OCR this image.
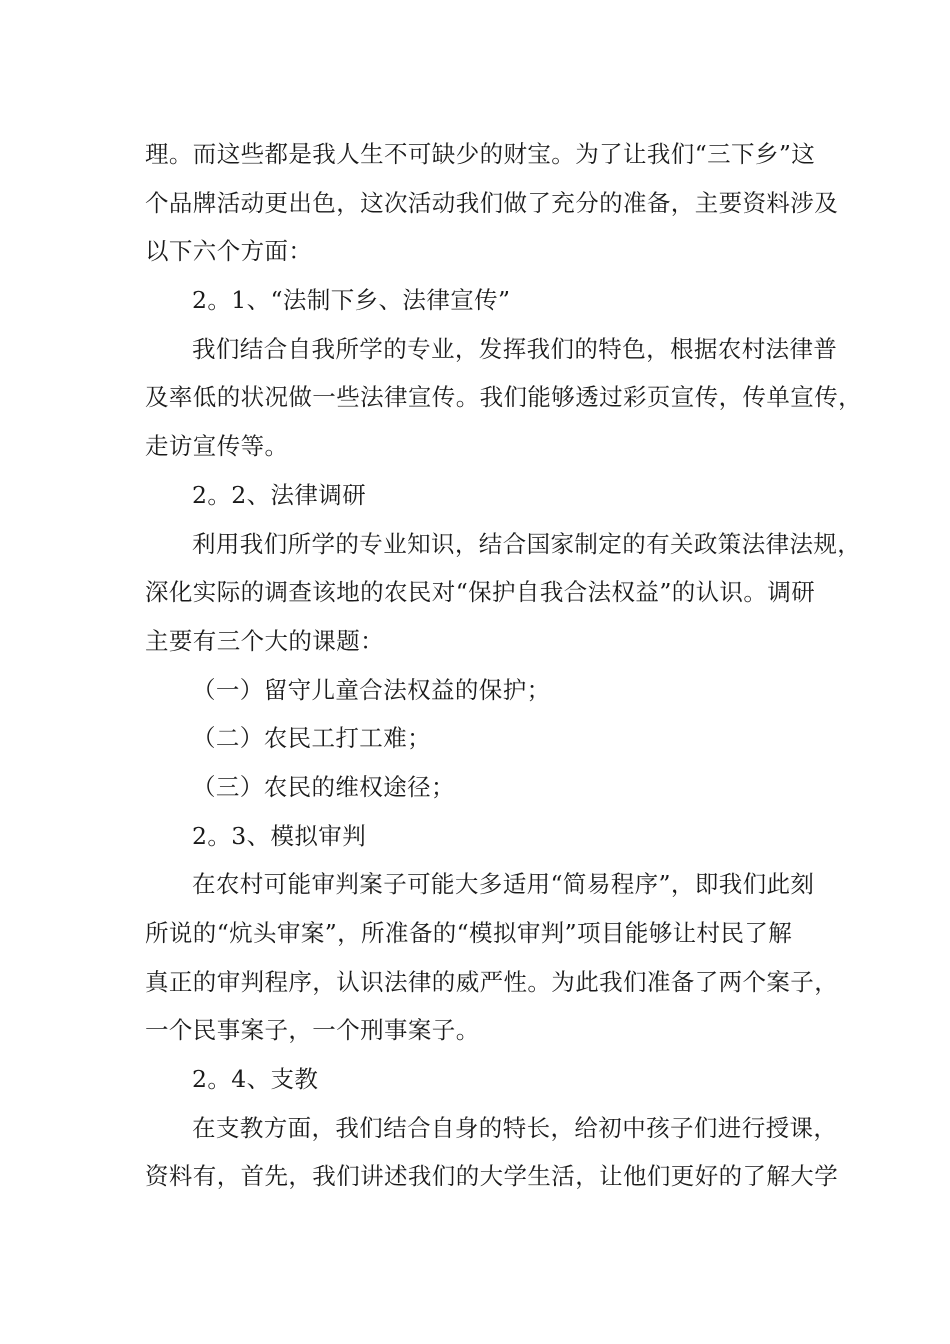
理。而这些都是我人生不可缺少的财宝。为了让我们“三下乡”这
个品牌活动更出色，这次活动我们做了充分的准备，主要资料涉及
以下六个方面：
2。1、“法制下乡、法律宣传”
我们结合自我所学的专业，发挥我们的特色，根据农村法律普
及率低的状况做一些法律宣传。我们能够透过彩页宣传，传单宣传，
走访宣传等。
2。2、法律调研
利用我们所学的专业知识，结合国家制定的有关政策法律法规，
深化实际的调查该地的农民对“保护自我合法权益”的认识。调研
主要有三个大的课题：
（一）留守儿童合法权益的保护；
（二）农民工打工难；
（三）农民的维权途径；
2。3、模拟审判
在农村可能审判案子可能大多适用“简易程序”，即我们此刻
所说的“炕头审案”，所准备的“模拟审判”项目能够让村民了解
真正的审判程序，认识法律的威严性。为此我们准备了两个案子，
一个民事案子，一个刑事案子。
2。4、支教
在支教方面，我们结合自身的特长，给初中孩子们进行授课，
资料有，首先，我们讲述我们的大学生活，让他们更好的了解大学
